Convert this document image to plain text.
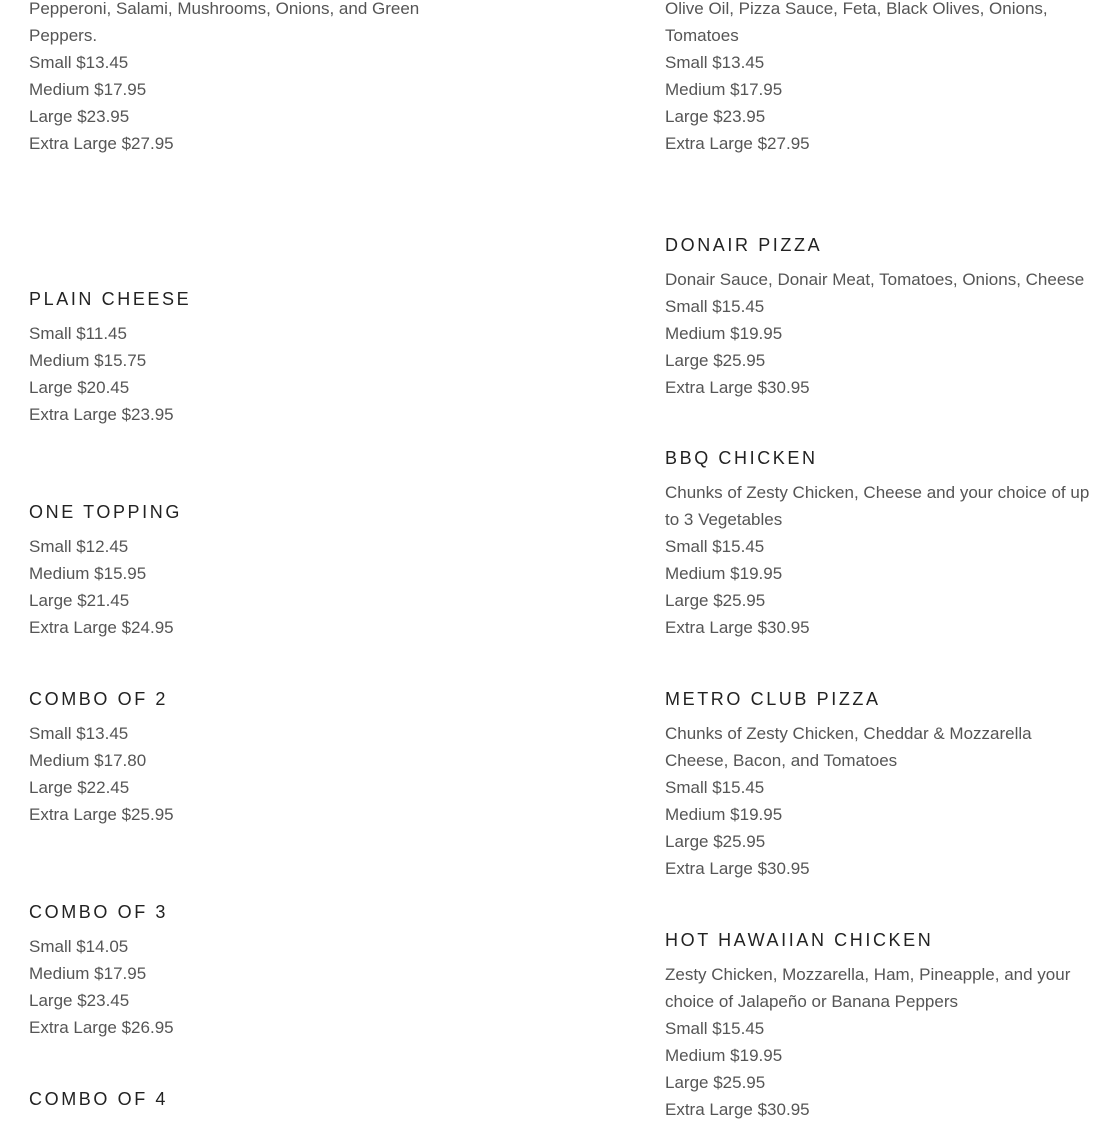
Pepperoni, Salami, Mushrooms, Onions, and Green Peppers.
Small $13.45
Medium $17.95
Large $23.95
Extra Large $27.95
PLAIN CHEESE
Small $11.45
Medium $15.75
Large $20.45
Extra Large $23.95
ONE TOPPING
Small $12.45
Medium $15.95
Large $21.45
Extra Large $24.95
COMBO OF 2
Small $13.45
Medium $17.80
Large $22.45
Extra Large $25.95
COMBO OF 3
Small $14.05
Medium $17.95
Large $23.45
Extra Large $26.95
COMBO OF 4
Olive Oil, Pizza Sauce, Feta, Black Olives, Onions, Tomatoes
Small $13.45
Medium $17.95
Large $23.95
Extra Large $27.95
DONAIR PIZZA
Donair Sauce, Donair Meat, Tomatoes, Onions, Cheese
Small $15.45
Medium $19.95
Large $25.95
Extra Large $30.95
BBQ CHICKEN
Chunks of Zesty Chicken, Cheese and your choice of up to 3 Vegetables
Small $15.45
Medium $19.95
Large $25.95
Extra Large $30.95
METRO CLUB PIZZA
Chunks of Zesty Chicken, Cheddar & Mozzarella Cheese, Bacon, and Tomatoes
Small $15.45
Medium $19.95
Large $25.95
Extra Large $30.95
HOT HAWAIIAN CHICKEN
Zesty Chicken, Mozzarella, Ham, Pineapple, and your choice of Jalapeño or Banana Peppers
Small $15.45
Medium $19.95
Large $25.95
Extra Large $30.95
